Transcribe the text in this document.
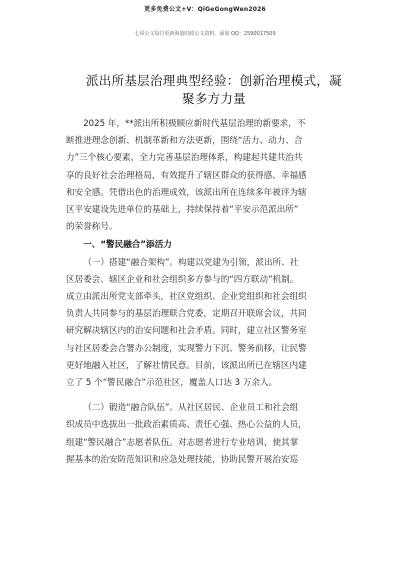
更多免费公文+V：QiGeGongWen2026
七哥公文每日更新海量时政公文资料，添加 QQ：2590017509
派出所基层治理典型经验：创新治理模式，凝
聚多方力量
2025 年，**派出所积极顺应新时代基层治理的新要求，不
断推进理念创新、机制革新和方法更新，围绕“活力、动力、合
力”三个核心要素，全力完善基层治理体系，构建起共建共治共
享的良好社会治理格局，有效提升了辖区群众的获得感、幸福感
和安全感。凭借出色的治理成效，该派出所在连续多年被评为辖
区平安建设先进单位的基础上，持续保持着“平安示范派出所”
的荣誉称号。
一、“警民融合”添活力
（一）搭建“融合架构”。构建以党建为引领，派出所、社
区居委会、辖区企业和社会组织多方参与的“四方联动”机制。
成立由派出所党支部牵头，社区党组织、企业党组织和社会组织
负责人共同参与的基层治理联合党委，定期召开联席会议，共同
研究解决辖区内的治安问题和社会矛盾。同时，建立社区警务室
与社区居委会合署办公制度，实现警力下沉、警务前移，让民警
更好地融入社区，了解社情民意。目前，该派出所已在辖区内建
立了 5 个“警民融合”示范社区，覆盖人口达 3 万余人。
（二）锻造“融合队伍”。从社区居民、企业员工和社会组
织成员中选拔出一批政治素质高、责任心强、热心公益的人员，
组建“警民融合”志愿者队伍。对志愿者进行专业培训，使其掌
握基本的治安防范知识和应急处理技能，协助民警开展治安巡
